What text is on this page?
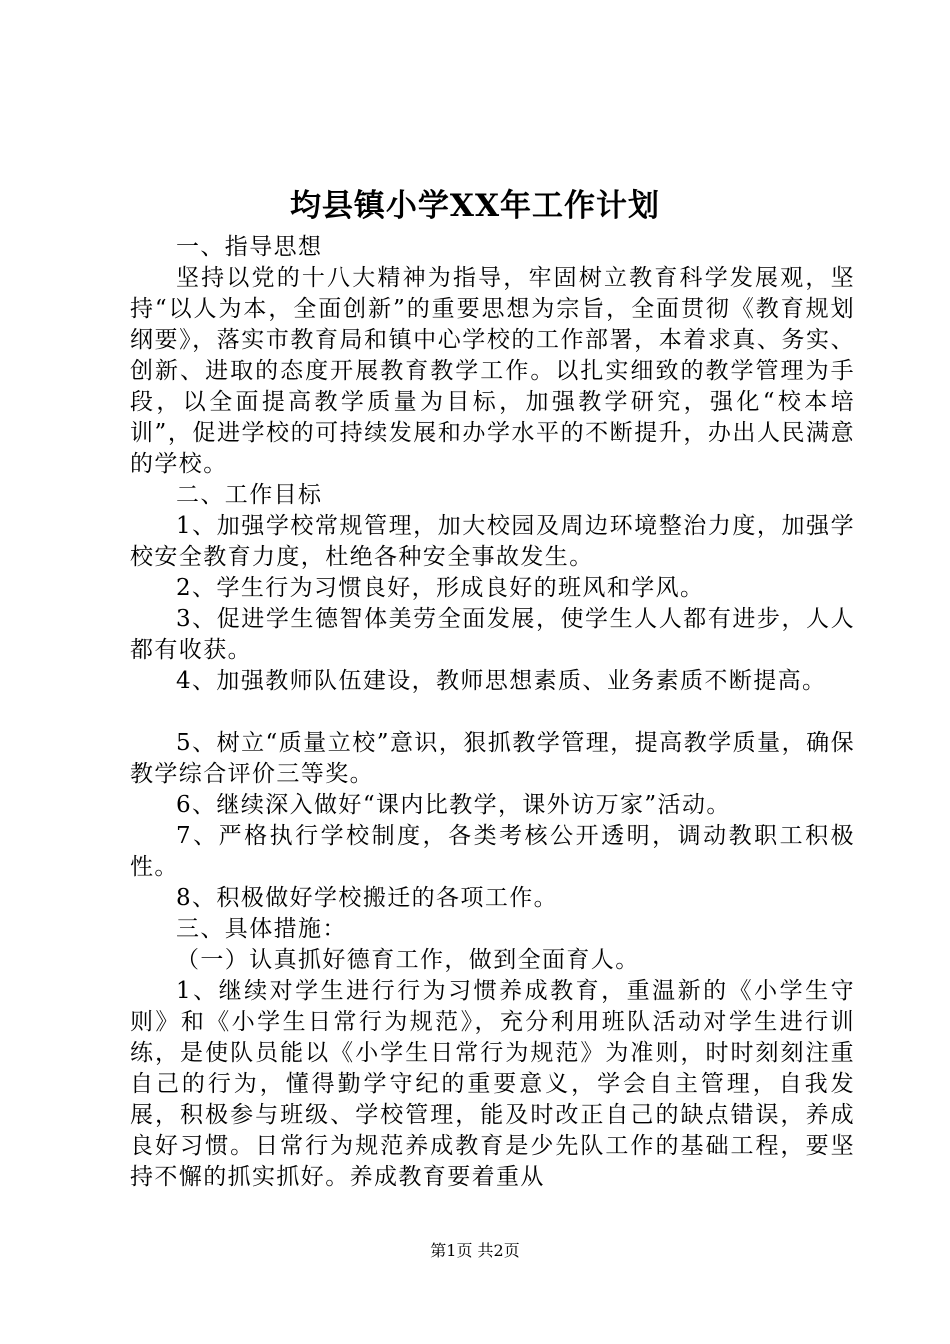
均县镇小学XX年工作计划

一、指导思想

坚持以党的十八大精神为指导，牢固树立教育科学发展观，坚持“以人为本，全面创新”的重要思想为宗旨，全面贯彻《教育规划纲要》，落实市教育局和镇中心学校的工作部署，本着求真、务实、创新、进取的态度开展教育教学工作。以扎实细致的教学管理为手段，以全面提高教学质量为目标，加强教学研究，强化“校本培训”，促进学校的可持续发展和办学水平的不断提升，办出人民满意的学校。

二、工作目标

1、加强学校常规管理，加大校园及周边环境整治力度，加强学校安全教育力度，杜绝各种安全事故发生。

2、学生行为习惯良好，形成良好的班风和学风。

3、促进学生德智体美劳全面发展，使学生人人都有进步，人人都有收获。

4、加强教师队伍建设，教师思想素质、业务素质不断提高。

5、树立“质量立校”意识，狠抓教学管理，提高教学质量，确保教学综合评价三等奖。

6、继续深入做好“课内比教学，课外访万家”活动。

7、严格执行学校制度，各类考核公开透明，调动教职工积极性。

8、积极做好学校搬迁的各项工作。

三、具体措施：

（一）认真抓好德育工作，做到全面育人。

1、继续对学生进行行为习惯养成教育，重温新的《小学生守则》和《小学生日常行为规范》，充分利用班队活动对学生进行训练，是使队员能以《小学生日常行为规范》为准则，时时刻刻注重自己的行为，懂得勤学守纪的重要意义，学会自主管理，自我发展，积极参与班级、学校管理，能及时改正自己的缺点错误，养成良好习惯。日常行为规范养成教育是少先队工作的基础工程，要坚持不懈的抓实抓好。养成教育要着重从

第1页 共2页
